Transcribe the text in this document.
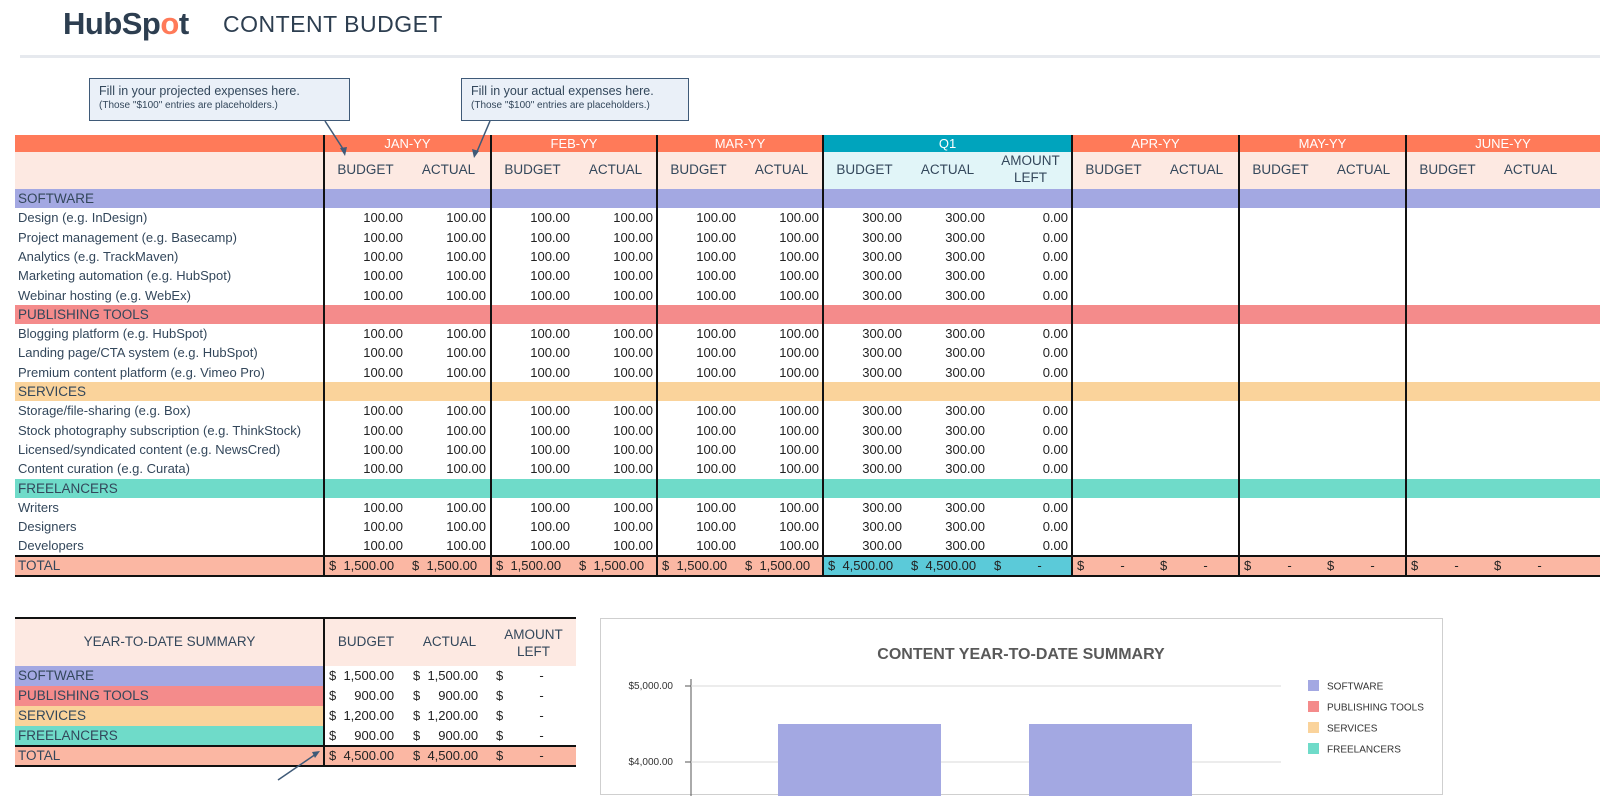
HubSpot CONTENT BUDGET
Fill in your projected expenses here.
(Those "$100" entries are placeholders.)
Fill in your actual expenses here.
(Those "$100" entries are placeholders.)
JAN-YY	FEB-YY	MAR-YY	Q1	APR-YY	MAY-YY	JUNE-YY
BUDGET	ACTUAL	BUDGET	ACTUAL	BUDGET	ACTUAL	BUDGET	ACTUAL
AMOUNT
LEFT
BUDGET	ACTUAL	BUDGET	ACTUAL	BUDGET	ACTUAL
SOFTWARE
Design (e.g. InDesign)	100.00	100.00	100.00	100.00	100.00	100.00	300.00	300.00	0.00
Project management (e.g. Basecamp)	100.00	100.00	100.00	100.00	100.00	100.00	300.00	300.00	0.00
Analytics (e.g. TrackMaven)	100.00	100.00	100.00	100.00	100.00	100.00	300.00	300.00	0.00
Marketing automation (e.g. HubSpot)	100.00	100.00	100.00	100.00	100.00	100.00	300.00	300.00	0.00
Webinar hosting (e.g. WebEx)	100.00	100.00	100.00	100.00	100.00	100.00	300.00	300.00	0.00
PUBLISHING TOOLS
Blogging platform (e.g. HubSpot)	100.00	100.00	100.00	100.00	100.00	100.00	300.00	300.00	0.00
Landing page/CTA system (e.g. HubSpot)	100.00	100.00	100.00	100.00	100.00	100.00	300.00	300.00	0.00
Premium content platform (e.g. Vimeo Pro)	100.00	100.00	100.00	100.00	100.00	100.00	300.00	300.00	0.00
SERVICES
Storage/file-sharing (e.g. Box)	100.00	100.00	100.00	100.00	100.00	100.00	300.00	300.00	0.00
Stock photography subscription (e.g. ThinkStock)	100.00	100.00	100.00	100.00	100.00	100.00	300.00	300.00	0.00
Licensed/syndicated content (e.g. NewsCred)	100.00	100.00	100.00	100.00	100.00	100.00	300.00	300.00	0.00
Content curation (e.g. Curata)	100.00	100.00	100.00	100.00	100.00	100.00	300.00	300.00	0.00
FREELANCERS
Writers	100.00	100.00	100.00	100.00	100.00	100.00	300.00	300.00	0.00
Designers	100.00	100.00	100.00	100.00	100.00	100.00	300.00	300.00	0.00
Developers	100.00	100.00	100.00	100.00	100.00	100.00	300.00	300.00	0.00
TOTAL	$  1,500.00	$  1,500.00	$  1,500.00	$  1,500.00	$  1,500.00	$  1,500.00	$  4,500.00	$  4,500.00	$          -	$          -	$          -	$          -	$          -	$          -	$          -
YEAR-TO-DATE SUMMARY	BUDGET	ACTUAL	AMOUNT
LEFT
SOFTWARE	$  1,500.00	$  1,500.00	$          -
PUBLISHING TOOLS	$     900.00	$     900.00	$          -
SERVICES	$  1,200.00	$  1,200.00	$          -
FREELANCERS	$     900.00	$     900.00	$          -
TOTAL	$  4,500.00	$  4,500.00	$          -
CONTENT YEAR-TO-DATE SUMMARY
$5,000.00
$4,000.00
SOFTWARE
PUBLISHING TOOLS
SERVICES
FREELANCERS
